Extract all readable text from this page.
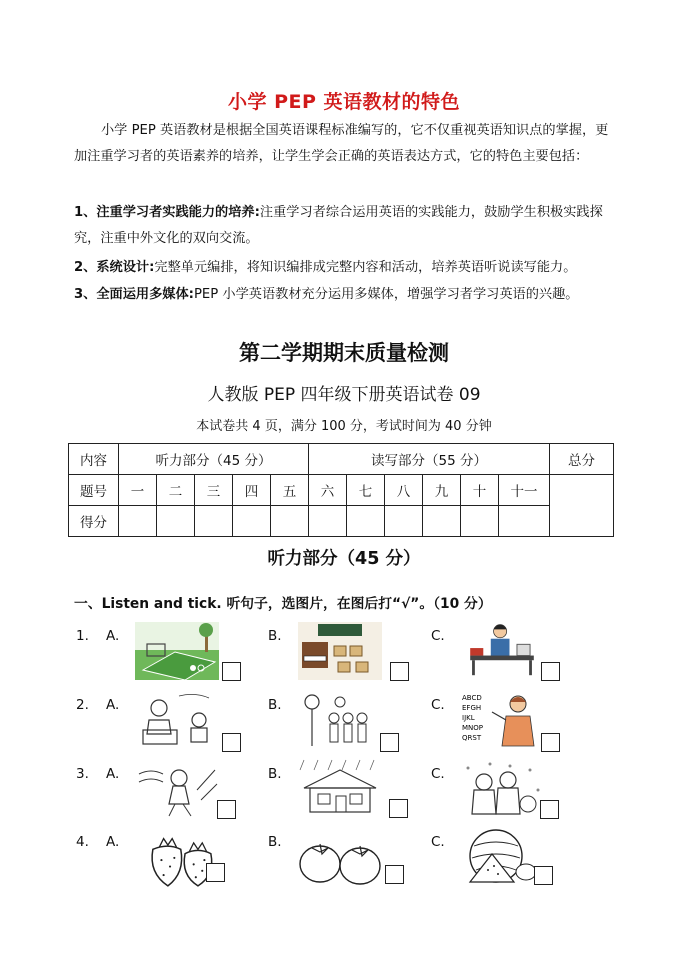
小学 PEP 英语教材的特色
小学 PEP 英语教材是根据全国英语课程标准编写的，它不仅重视英语知识点的掌握，更加注重学习者的英语素养的培养，让学生学会正确的英语表达方式，它的特色主要包括：
1、注重学习者实践能力的培养:注重学习者综合运用英语的实践能力，鼓励学生积极实践探究，注重中外文化的双向交流。
2、系统设计:完整单元编排，将知识编排成完整内容和活动，培养英语听说读写能力。
3、全面运用多媒体:PEP 小学英语教材充分运用多媒体，增强学习者学习英语的兴趣。
第二学期期末质量检测
人教版 PEP 四年级下册英语试卷 09
本试卷共 4 页，满分 100 分，考试时间为 40 分钟
内容	听力部分（45 分）					读写部分（55 分）						总分
题号	一	二	三	四	五	六	七	八	九	十	十一	
得分												
听力部分（45 分）
一、Listen and tick. 听句子，选图片，在图后打“√”。（10 分）
1. A.	B.	C.
2. A.	B.	C. ABCD
EFGH
IJKL
MNOP
QRST
3. A.	B.	C.
4. A.	B.	C.
